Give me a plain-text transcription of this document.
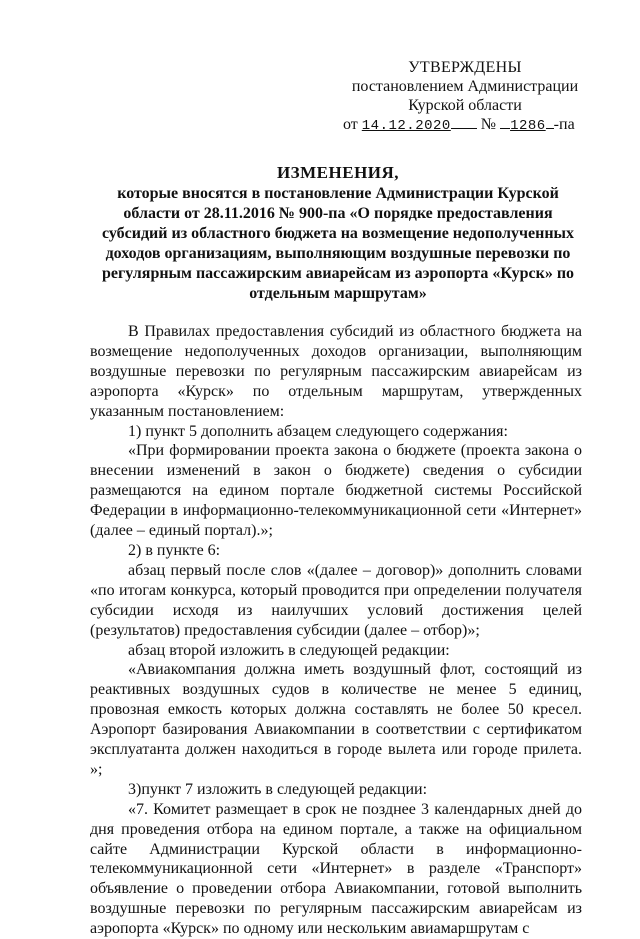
УТВЕРЖДЕНЫ
постановлением Администрации
Курской области
от 14.12.2020 № 1286 -па
ИЗМЕНЕНИЯ,
которые вносятся в постановление Администрации Курской области от 28.11.2016 № 900-па «О порядке предоставления субсидий из областного бюджета на возмещение недополученных доходов организациям, выполняющим воздушные перевозки по регулярным пассажирским авиарейсам из аэропорта «Курск» по отдельным маршрутам»

В Правилах предоставления субсидий из областного бюджета на возмещение недополученных доходов организации, выполняющим воздушные перевозки по регулярным пассажирским авиарейсам из аэропорта «Курск» по отдельным маршрутам, утвержденных указанным постановлением:

1) пункт 5 дополнить абзацем следующего содержания:

«При формировании проекта закона о бюджете (проекта закона о внесении изменений в закон о бюджете) сведения о субсидии размещаются на едином портале бюджетной системы Российской Федерации в информационно-телекоммуникационной сети «Интернет» (далее – единый портал).»;

2) в пункте 6:

абзац первый после слов «(далее – договор)» дополнить словами «по итогам конкурса, который проводится при определении получателя субсидии исходя из наилучших условий достижения целей (результатов) предоставления субсидии (далее – отбор)»;

абзац второй изложить в следующей редакции:

«Авиакомпания должна иметь воздушный флот, состоящий из реактивных воздушных судов в количестве не менее 5 единиц, провозная емкость которых должна составлять не более 50 кресел. Аэропорт базирования Авиакомпании в соответствии с сертификатом эксплуатанта должен находиться в городе вылета или городе прилета. »;

3)пункт 7 изложить в следующей редакции:

«7. Комитет размещает в срок не позднее 3 календарных дней до дня проведения отбора на едином портале, а также на официальном сайте Администрации Курской области в информационно-телекоммуникационной сети «Интернет» в разделе «Транспорт» объявление о проведении отбора Авиакомпании, готовой выполнить воздушные перевозки по регулярным пассажирским авиарейсам из аэропорта «Курск» по одному или нескольким авиамаршрутам с
